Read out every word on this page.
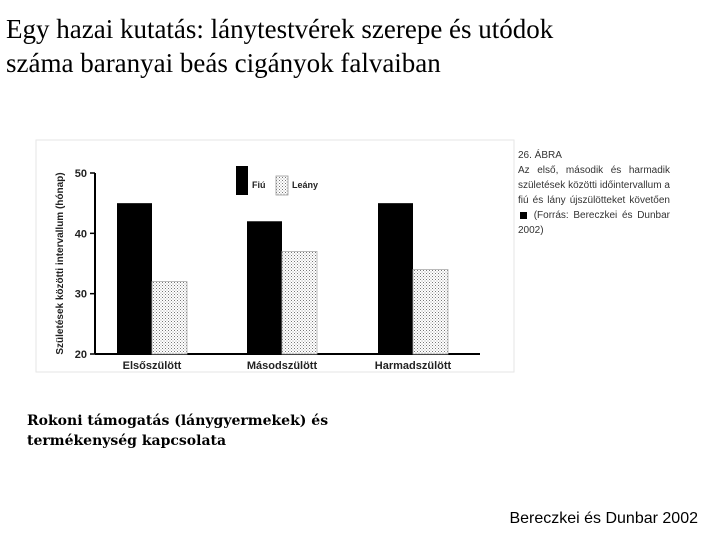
Egy hazai kutatás: lánytestvérek szerepe és utódok
száma baranyai beás cigányok falvaiban
20
30
40
50
Születések közötti intervallum (hónap)
Elsőszülött	Másodszülött	Harmadszülött
Fiú	Leány
26. ÁBRA
Az első, második és harmadik születések közötti időintervallum a fiú és lány újszülötteket követően  (Forrás: Bereczkei és Dunbar 2002)
Rokoni támogatás (lánygyermekek) és
termékenység kapcsolata
Bereczkei és Dunbar 2002
